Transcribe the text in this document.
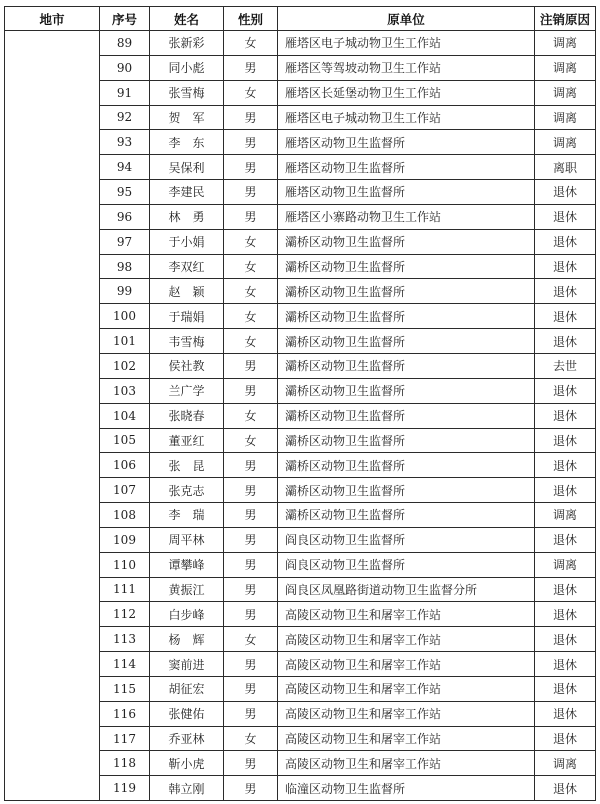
地市	序号	姓名	性别	原单位	注销原因
	89	张新彩	女	雁塔区电子城动物卫生工作站	调离
	90	同小彪	男	雁塔区等驾坡动物卫生工作站	调离
	91	张雪梅	女	雁塔区长延堡动物卫生工作站	调离
	92	贺　军	男	雁塔区电子城动物卫生工作站	调离
	93	李　东	男	雁塔区动物卫生监督所	调离
	94	吴保利	男	雁塔区动物卫生监督所	离职
	95	李建民	男	雁塔区动物卫生监督所	退休
	96	林　勇	男	雁塔区小寨路动物卫生工作站	退休
	97	于小娟	女	灞桥区动物卫生监督所	退休
	98	李双红	女	灞桥区动物卫生监督所	退休
	99	赵　颖	女	灞桥区动物卫生监督所	退休
	100	于瑞娟	女	灞桥区动物卫生监督所	退休
	101	韦雪梅	女	灞桥区动物卫生监督所	退休
	102	侯社教	男	灞桥区动物卫生监督所	去世
	103	兰广学	男	灞桥区动物卫生监督所	退休
	104	张晓春	女	灞桥区动物卫生监督所	退休
	105	董亚红	女	灞桥区动物卫生监督所	退休
	106	张　昆	男	灞桥区动物卫生监督所	退休
	107	张克志	男	灞桥区动物卫生监督所	退休
	108	李　瑞	男	灞桥区动物卫生监督所	调离
	109	周平林	男	阎良区动物卫生监督所	退休
	110	谭攀峰	男	阎良区动物卫生监督所	调离
	111	黄振江	男	阎良区凤凰路街道动物卫生监督分所	退休
	112	白步峰	男	高陵区动物卫生和屠宰工作站	退休
	113	杨　辉	女	高陵区动物卫生和屠宰工作站	退休
	114	窦前进	男	高陵区动物卫生和屠宰工作站	退休
	115	胡征宏	男	高陵区动物卫生和屠宰工作站	退休
	116	张健佑	男	高陵区动物卫生和屠宰工作站	退休
	117	乔亚林	女	高陵区动物卫生和屠宰工作站	退休
	118	靳小虎	男	高陵区动物卫生和屠宰工作站	调离
	119	韩立刚	男	临潼区动物卫生监督所	退休
